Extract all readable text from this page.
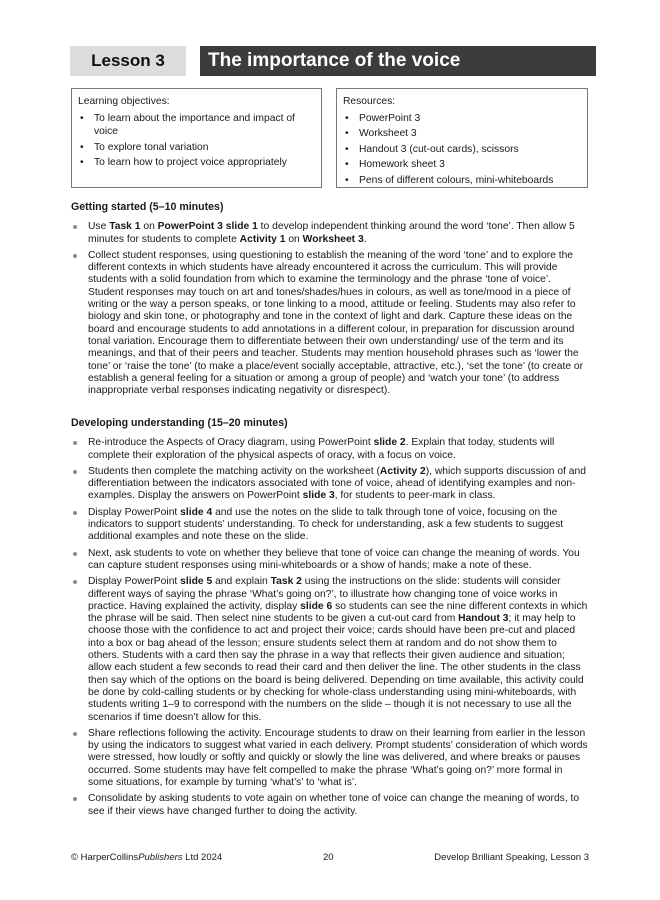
Lesson 3	The importance of the voice
Learning objectives:
• To learn about the importance and impact of voice
• To explore tonal variation
• To learn how to project voice appropriately
Resources:
• PowerPoint 3
• Worksheet 3
• Handout 3 (cut-out cards), scissors
• Homework sheet 3
• Pens of different colours, mini-whiteboards
Getting started (5–10 minutes)
Use Task 1 on PowerPoint 3 slide 1 to develop independent thinking around the word ‘tone’. Then allow 5 minutes for students to complete Activity 1 on Worksheet 3.
Collect student responses, using questioning to establish the meaning of the word ‘tone’ and to explore the different contexts in which students have already encountered it across the curriculum. This will provide students with a solid foundation from which to examine the terminology and the phrase ‘tone of voice’. Student responses may touch on art and tones/shades/hues in colours, as well as tone/mood in a piece of writing or the way a person speaks, or tone linking to a mood, attitude or feeling. Students may also refer to biology and skin tone, or photography and tone in the context of light and dark. Capture these ideas on the board and encourage students to add annotations in a different colour, in preparation for discussion around tonal variation. Encourage them to differentiate between their own understanding/ use of the term and its meanings, and that of their peers and teacher. Students may mention household phrases such as ‘lower the tone’ or ‘raise the tone’ (to make a place/event socially acceptable, attractive, etc.), ‘set the tone’ (to create or establish a general feeling for a situation or among a group of people) and ‘watch your tone’ (to address inappropriate verbal responses indicating negativity or disrespect).
Developing understanding (15–20 minutes)
Re-introduce the Aspects of Oracy diagram, using PowerPoint slide 2. Explain that today, students will complete their exploration of the physical aspects of oracy, with a focus on voice.
Students then complete the matching activity on the worksheet (Activity 2), which supports discussion of and differentiation between the indicators associated with tone of voice, ahead of identifying examples and non-examples. Display the answers on PowerPoint slide 3, for students to peer-mark in class.
Display PowerPoint slide 4 and use the notes on the slide to talk through tone of voice, focusing on the indicators to support students’ understanding. To check for understanding, ask a few students to suggest additional examples and note these on the slide.
Next, ask students to vote on whether they believe that tone of voice can change the meaning of words. You can capture student responses using mini-whiteboards or a show of hands; make a note of these.
Display PowerPoint slide 5 and explain Task 2 using the instructions on the slide: students will consider different ways of saying the phrase ‘What’s going on?’, to illustrate how changing tone of voice works in practice. Having explained the activity, display slide 6 so students can see the nine different contexts in which the phrase will be said. Then select nine students to be given a cut-out card from Handout 3; it may help to choose those with the confidence to act and project their voice; cards should have been pre-cut and placed into a box or bag ahead of the lesson; ensure students select them at random and do not show them to others. Students with a card then say the phrase in a way that reflects their given audience and situation; allow each student a few seconds to read their card and then deliver the line. The other students in the class then say which of the options on the board is being delivered. Depending on time available, this activity could be done by cold-calling students or by checking for whole-class understanding using mini-whiteboards, with students writing 1–9 to correspond with the numbers on the slide – though it is not necessary to use all the scenarios if time doesn’t allow for this.
Share reflections following the activity. Encourage students to draw on their learning from earlier in the lesson by using the indicators to suggest what varied in each delivery. Prompt students’ consideration of which words were stressed, how loudly or softly and quickly or slowly the line was delivered, and where breaks or pauses occurred. Some students may have felt compelled to make the phrase ‘What’s going on?’ more formal in some situations, for example by turning ‘what’s’ to ‘what is’.
Consolidate by asking students to vote again on whether tone of voice can change the meaning of words, to see if their views have changed further to doing the activity.
© HarperCollinsPublishers Ltd 2024	20	Develop Brilliant Speaking, Lesson 3
